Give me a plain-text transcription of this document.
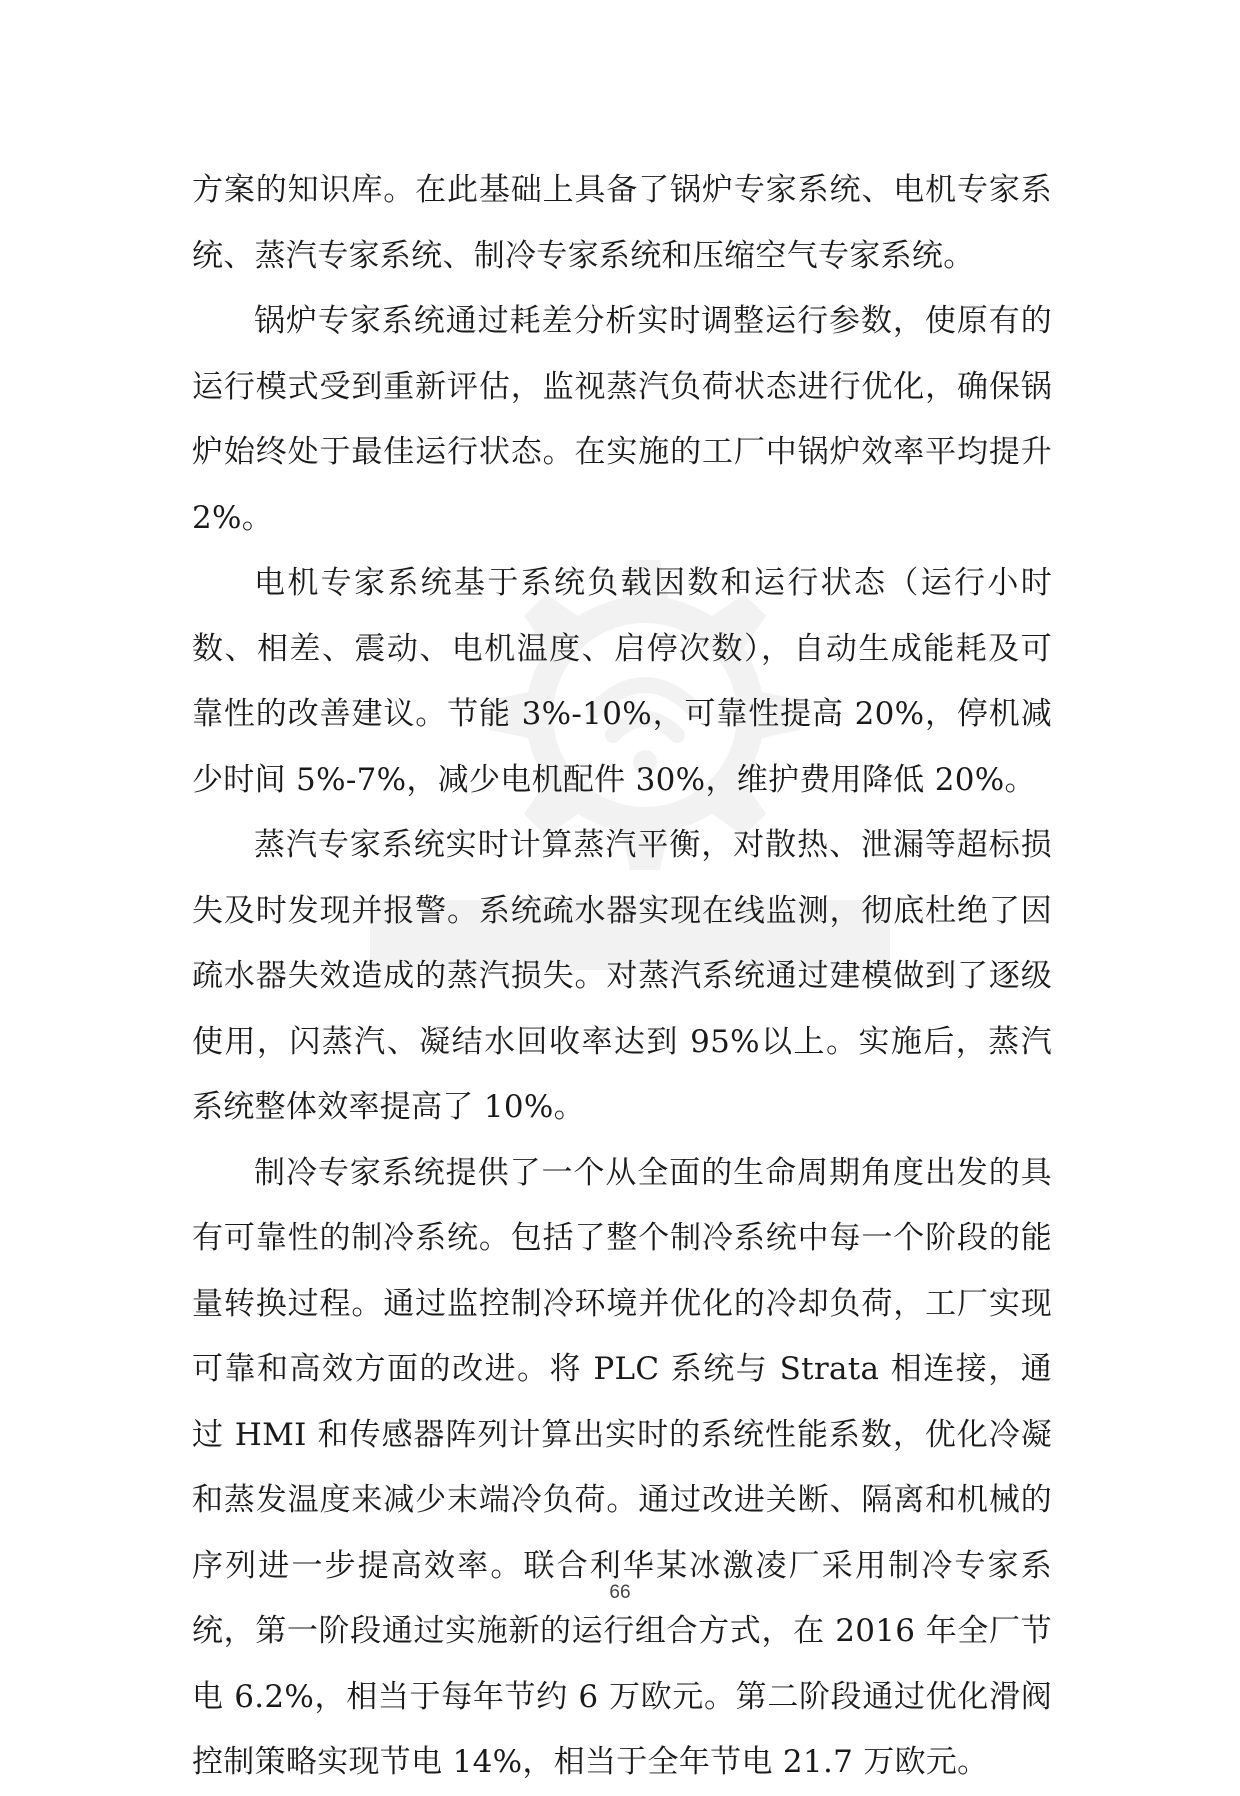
方案的知识库。在此基础上具备了锅炉专家系统、电机专家系统、蒸汽专家系统、制冷专家系统和压缩空气专家系统。

锅炉专家系统通过耗差分析实时调整运行参数，使原有的运行模式受到重新评估，监视蒸汽负荷状态进行优化，确保锅炉始终处于最佳运行状态。在实施的工厂中锅炉效率平均提升 2%。

电机专家系统基于系统负载因数和运行状态（运行小时数、相差、震动、电机温度、启停次数），自动生成能耗及可靠性的改善建议。节能 3%-10%，可靠性提高 20%，停机减少时间 5%-7%，减少电机配件 30%，维护费用降低 20%。

蒸汽专家系统实时计算蒸汽平衡，对散热、泄漏等超标损失及时发现并报警。系统疏水器实现在线监测，彻底杜绝了因疏水器失效造成的蒸汽损失。对蒸汽系统通过建模做到了逐级使用，闪蒸汽、凝结水回收率达到 95%以上。实施后，蒸汽系统整体效率提高了 10%。

制冷专家系统提供了一个从全面的生命周期角度出发的具有可靠性的制冷系统。包括了整个制冷系统中每一个阶段的能量转换过程。通过监控制冷环境并优化的冷却负荷，工厂实现可靠和高效方面的改进。将 PLC 系统与 Strata 相连接，通过 HMI 和传感器阵列计算出实时的系统性能系数，优化冷凝和蒸发温度来减少末端冷负荷。通过改进关断、隔离和机械的序列进一步提高效率。联合利华某冰激凌厂采用制冷专家系统，第一阶段通过实施新的运行组合方式，在 2016 年全厂节电 6.2%，相当于每年节约 6 万欧元。第二阶段通过优化滑阀控制策略实现节电 14%，相当于全年节电 21.7 万欧元。

66
